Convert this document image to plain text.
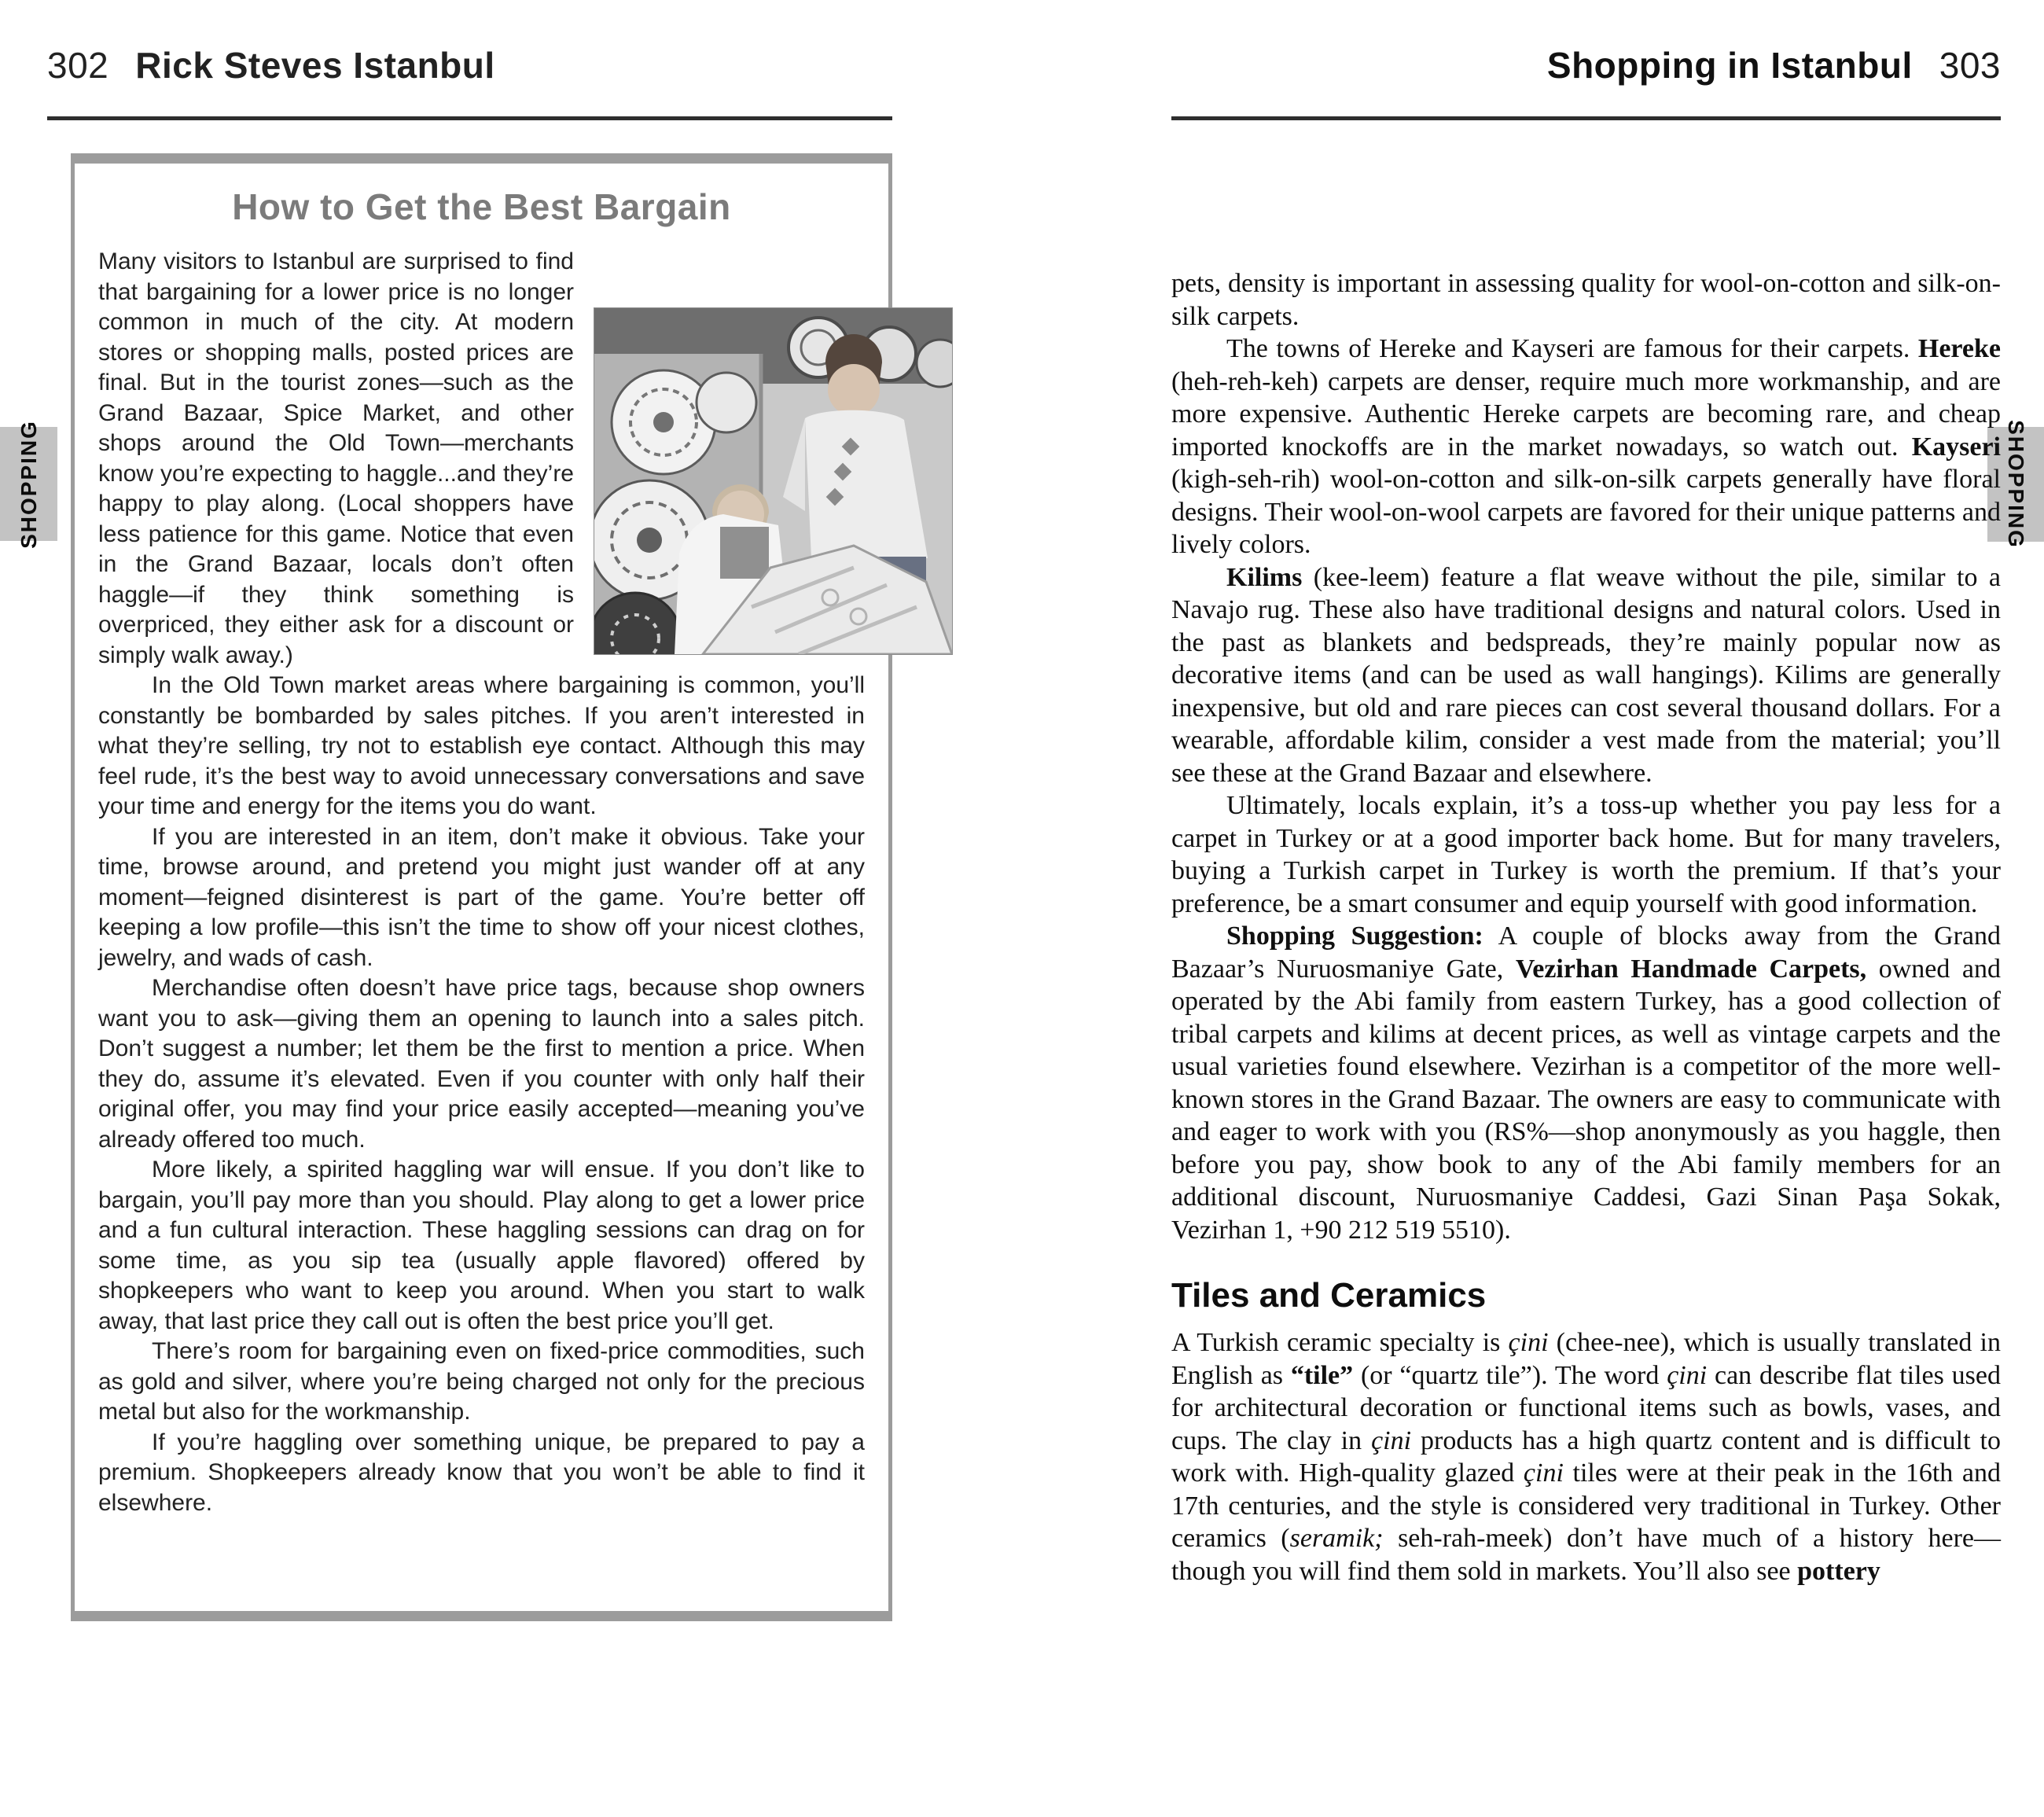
302 Rick Steves Istanbul
SHOPPING
How to Get the Best Bargain

Many visitors to Istanbul are surprised to find that bargaining for a lower price is no longer common in much of the city. At modern stores or shopping malls, posted prices are final. But in the tourist zones—such as the Grand Bazaar, Spice Market, and other shops around the Old Town—merchants know you’re expecting to haggle...and they’re happy to play along. (Local shoppers have less patience for this game. Notice that even in the Grand Bazaar, locals don’t often haggle—if they think something is overpriced, they either ask for a discount or simply walk away.)

In the Old Town market areas where bargaining is common, you’ll constantly be bombarded by sales pitches. If you aren’t interested in what they’re selling, try not to establish eye contact. Although this may feel rude, it’s the best way to avoid unnecessary conversations and save your time and energy for the items you do want.

If you are interested in an item, don’t make it obvious. Take your time, browse around, and pretend you might just wander off at any moment—feigned disinterest is part of the game. You’re better off keeping a low profile—this isn’t the time to show off your nicest clothes, jewelry, and wads of cash.

Merchandise often doesn’t have price tags, because shop owners want you to ask—giving them an opening to launch into a sales pitch. Don’t suggest a number; let them be the first to mention a price. When they do, assume it’s elevated. Even if you counter with only half their original offer, you may find your price easily accepted—meaning you’ve already offered too much.

More likely, a spirited haggling war will ensue. If you don’t like to bargain, you’ll pay more than you should. Play along to get a lower price and a fun cultural interaction. These haggling sessions can drag on for some time, as you sip tea (usually apple flavored) offered by shopkeepers who want to keep you around. When you start to walk away, that last price they call out is often the best price you’ll get.

There’s room for bargaining even on fixed-price commodities, such as gold and silver, where you’re being charged not only for the precious metal but also for the workmanship.

If you’re haggling over something unique, be prepared to pay a premium. Shopkeepers already know that you won’t be able to find it elsewhere.

Shopping in Istanbul 303
SHOPPING

pets, density is important in assessing quality for wool-on-cotton and silk-on-silk carpets.

The towns of Hereke and Kayseri are famous for their carpets. Hereke (heh-reh-keh) carpets are denser, require much more workmanship, and are more expensive. Authentic Hereke carpets are becoming rare, and cheap imported knockoffs are in the market nowadays, so watch out. Kayseri (kigh-seh-rih) wool-on-cotton and silk-on-silk carpets generally have floral designs. Their wool-on-wool carpets are favored for their unique patterns and lively colors.

Kilims (kee-leem) feature a flat weave without the pile, similar to a Navajo rug. These also have traditional designs and natural colors. Used in the past as blankets and bedspreads, they’re mainly popular now as decorative items (and can be used as wall hangings). Kilims are generally inexpensive, but old and rare pieces can cost several thousand dollars. For a wearable, affordable kilim, consider a vest made from the material; you’ll see these at the Grand Bazaar and elsewhere.

Ultimately, locals explain, it’s a toss-up whether you pay less for a carpet in Turkey or at a good importer back home. But for many travelers, buying a Turkish carpet in Turkey is worth the premium. If that’s your preference, be a smart consumer and equip yourself with good information.

Shopping Suggestion: A couple of blocks away from the Grand Bazaar’s Nuruosmaniye Gate, Vezirhan Handmade Carpets, owned and operated by the Abi family from eastern Turkey, has a good collection of tribal carpets and kilims at decent prices, as well as vintage carpets and the usual varieties found elsewhere. Vezirhan is a competitor of the more well-known stores in the Grand Bazaar. The owners are easy to communicate with and eager to work with you (RS%—shop anonymously as you haggle, then before you pay, show book to any of the Abi family members for an additional discount, Nuruosmaniye Caddesi, Gazi Sinan Paşa Sokak, Vezirhan 1, +90 212 519 5510).

Tiles and Ceramics

A Turkish ceramic specialty is çini (chee-nee), which is usually translated in English as “tile” (or “quartz tile”). The word çini can describe flat tiles used for architectural decoration or functional items such as bowls, vases, and cups. The clay in çini products has a high quartz content and is difficult to work with. High-quality glazed çini tiles were at their peak in the 16th and 17th centuries, and the style is considered very traditional in Turkey. Other ceramics (seramik; seh-rah-meek) don’t have much of a history here—though you will find them sold in markets. You’ll also see pottery
